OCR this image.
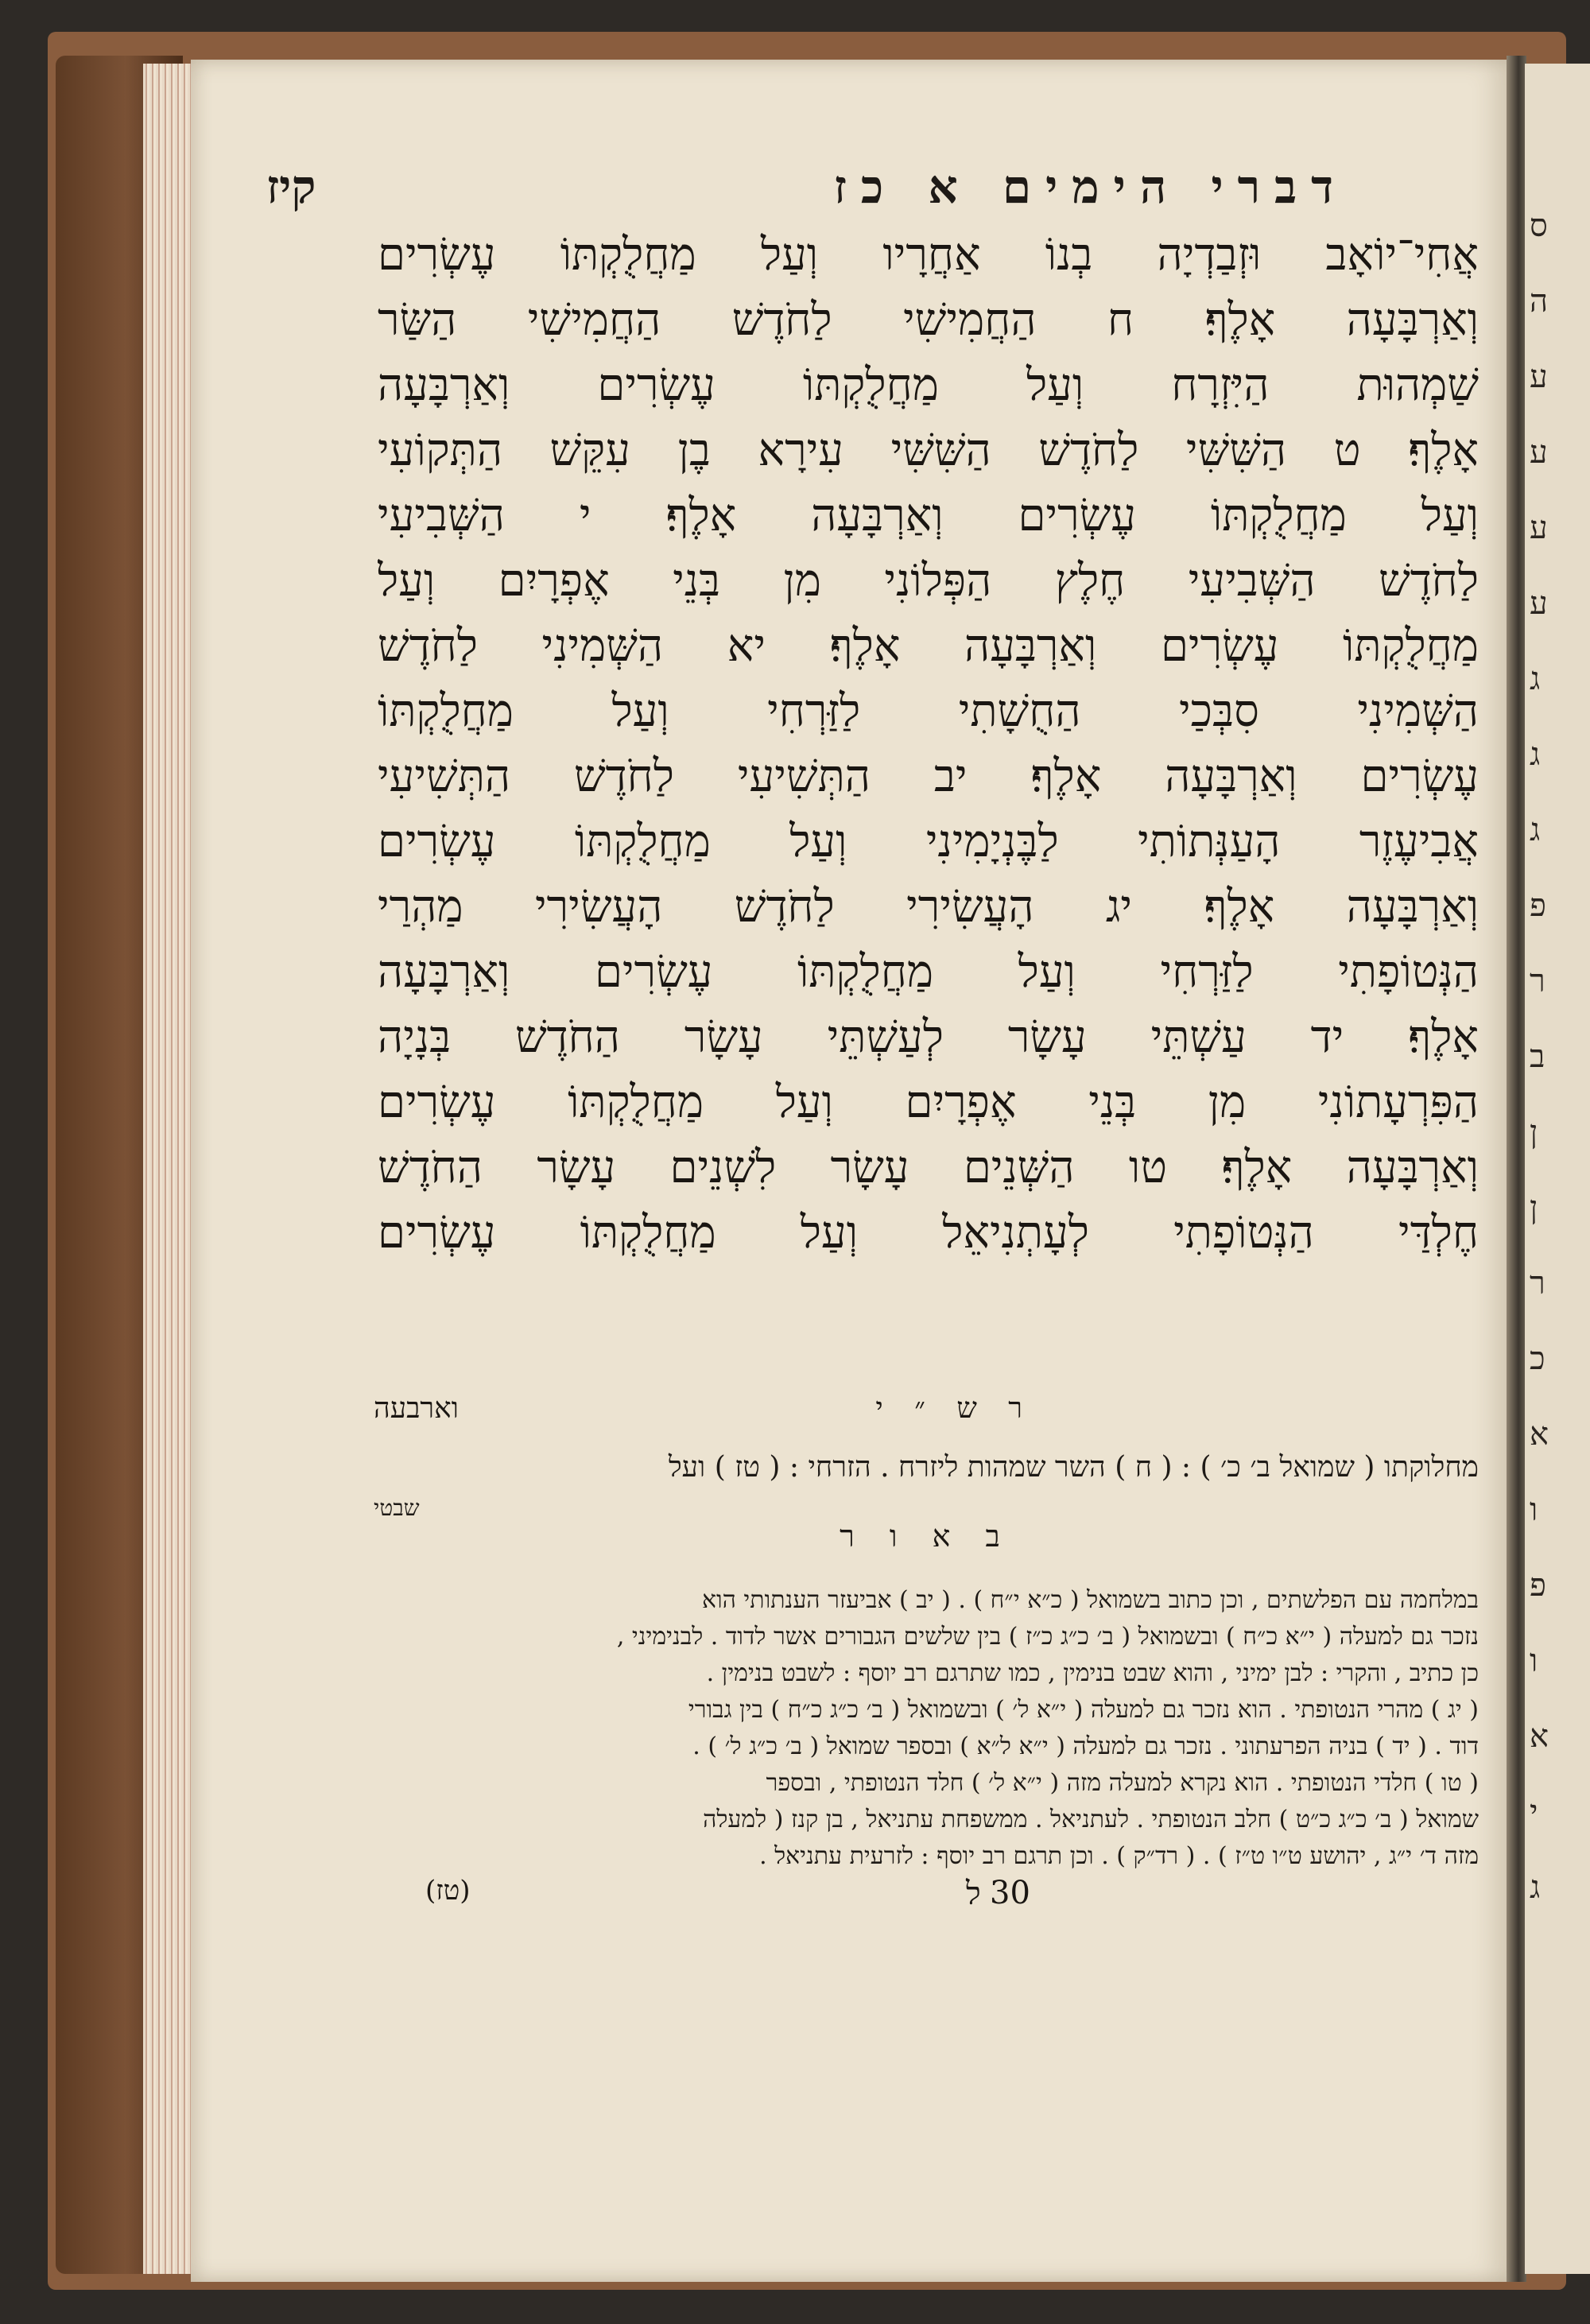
ס
ה
ע
ע
ע
ע
ג
ג
ג
פ
ר
ב
ן
ן
ר
כ
א
ו
פ
ו
א
י
ג
דברי הימים א כז
קיז
אֲחִי־יוֹאָב וּזְבַדְיָה בְנוֹ אַחֲרָיו וְעַל מַחֲלֻקְתּוֹ עֶשְׂרִים
וְאַרְבָּעָה אָלֶף׃ ח הַחֲמִישִׁי לַחֹדֶשׁ הַחֲמִישִׁי הַשַּׂר
שַׁמְהוּת הַיִּזְרָח וְעַל מַחֲלֻקְתּוֹ עֶשְׂרִים וְאַרְבָּעָה
אָלֶף׃ ט הַשִּׁשִּׁי לַחֹדֶשׁ הַשִּׁשִּׁי עִירָא בֶן עִקֵּשׁ הַתְּקוֹעִי
וְעַל מַחֲלֻקְתּוֹ עֶשְׂרִים וְאַרְבָּעָה אָלֶף׃ י הַשְּׁבִיעִי
לַחֹדֶשׁ הַשְּׁבִיעִי חֶלֶץ הַפְּלוֹנִי מִן בְּנֵי אֶפְרָיִם וְעַל
מַחֲלֻקְתּוֹ עֶשְׂרִים וְאַרְבָּעָה אָלֶף׃ יא הַשְּׁמִינִי לַחֹדֶשׁ
הַשְּׁמִינִי סִבְּכַי הַחֻשָׁתִי לַזַּרְחִי וְעַל מַחֲלֻקְתּוֹ
עֶשְׂרִים וְאַרְבָּעָה אָלֶף׃ יב הַתְּשִׁיעִי לַחֹדֶשׁ הַתְּשִׁיעִי
אֲבִיעֶזֶר הָעַנְּתוֹתִי לַבֶּנְיָמִינִי וְעַל מַחֲלֻקְתּוֹ עֶשְׂרִים
וְאַרְבָּעָה אָלֶף׃ יג הָעֲשִׂירִי לַחֹדֶשׁ הָעֲשִׂירִי מַהְרַי
הַנְּטוֹפָתִי לַזַּרְחִי וְעַל מַחֲלֻקְתּוֹ עֶשְׂרִים וְאַרְבָּעָה
אָלֶף׃ יד עַשְׁתֵּי עָשָׂר לְעַשְׁתֵּי עָשָׂר הַחֹדֶשׁ בְּנָיָה
הַפִּרְעָתוֹנִי מִן בְּנֵי אֶפְרָיִם וְעַל מַחֲלֻקְתּוֹ עֶשְׂרִים
וְאַרְבָּעָה אָלֶף׃ טו הַשְּׁנֵים עָשָׂר לִשְׁנֵים עָשָׂר הַחֹדֶשׁ
חֶלְדַּי הַנְּטוֹפָתִי לְעָתְנִיאֵל וְעַל מַחֲלֻקְתּוֹ עֶשְׂרִים
ר ש ״ י
וארבעה
מחלוקתו ( שמואל ב׳ כ׳ ) : ( ח ) השר שמהות ליזרח . הזרחי : ( טז ) ועל
שבטי
ב א ו ר
במלחמה עם הפלשתים , וכן כתוב בשמואל ( כ״א י״ח ) . ( יב ) אביעזר הענתותי הוא
נזכר גם למעלה ( י״א כ״ח ) ובשמואל ( ב׳ כ״ג כ״ז ) בין שלשים הגבורים אשר לדוד . לבנימיני ,
כן כתיב , והקרי : לבן ימיני , והוא שבט בנימין , כמו שתרגם רב יוסף : לשבט בנימין .
( יג ) מהרי הנטופתי . הוא נזכר גם למעלה ( י״א ל׳ ) ובשמואל ( ב׳ כ״ג כ״ח ) בין גבורי
דוד . ( יד ) בניה הפרעתוני . נזכר גם למעלה ( י״א ל״א ) ובספר שמואל ( ב׳ כ״ג ל׳ ) .
( טו ) חלדי הנטופתי . הוא נקרא למעלה מזה ( י״א ל׳ ) חלד הנטופתי , ובספר
שמואל ( ב׳ כ״ג כ״ט ) חלב הנטופתי . לעתניאל . ממשפחת עתניאל , בן קנז ( למעלה
מזה ד׳ י״ג , יהושע ט״ו ט״ז ) . ( רד״ק ) . וכן תרגם רב יוסף : לזרעית עתניאל .
(טז)	ל 30
